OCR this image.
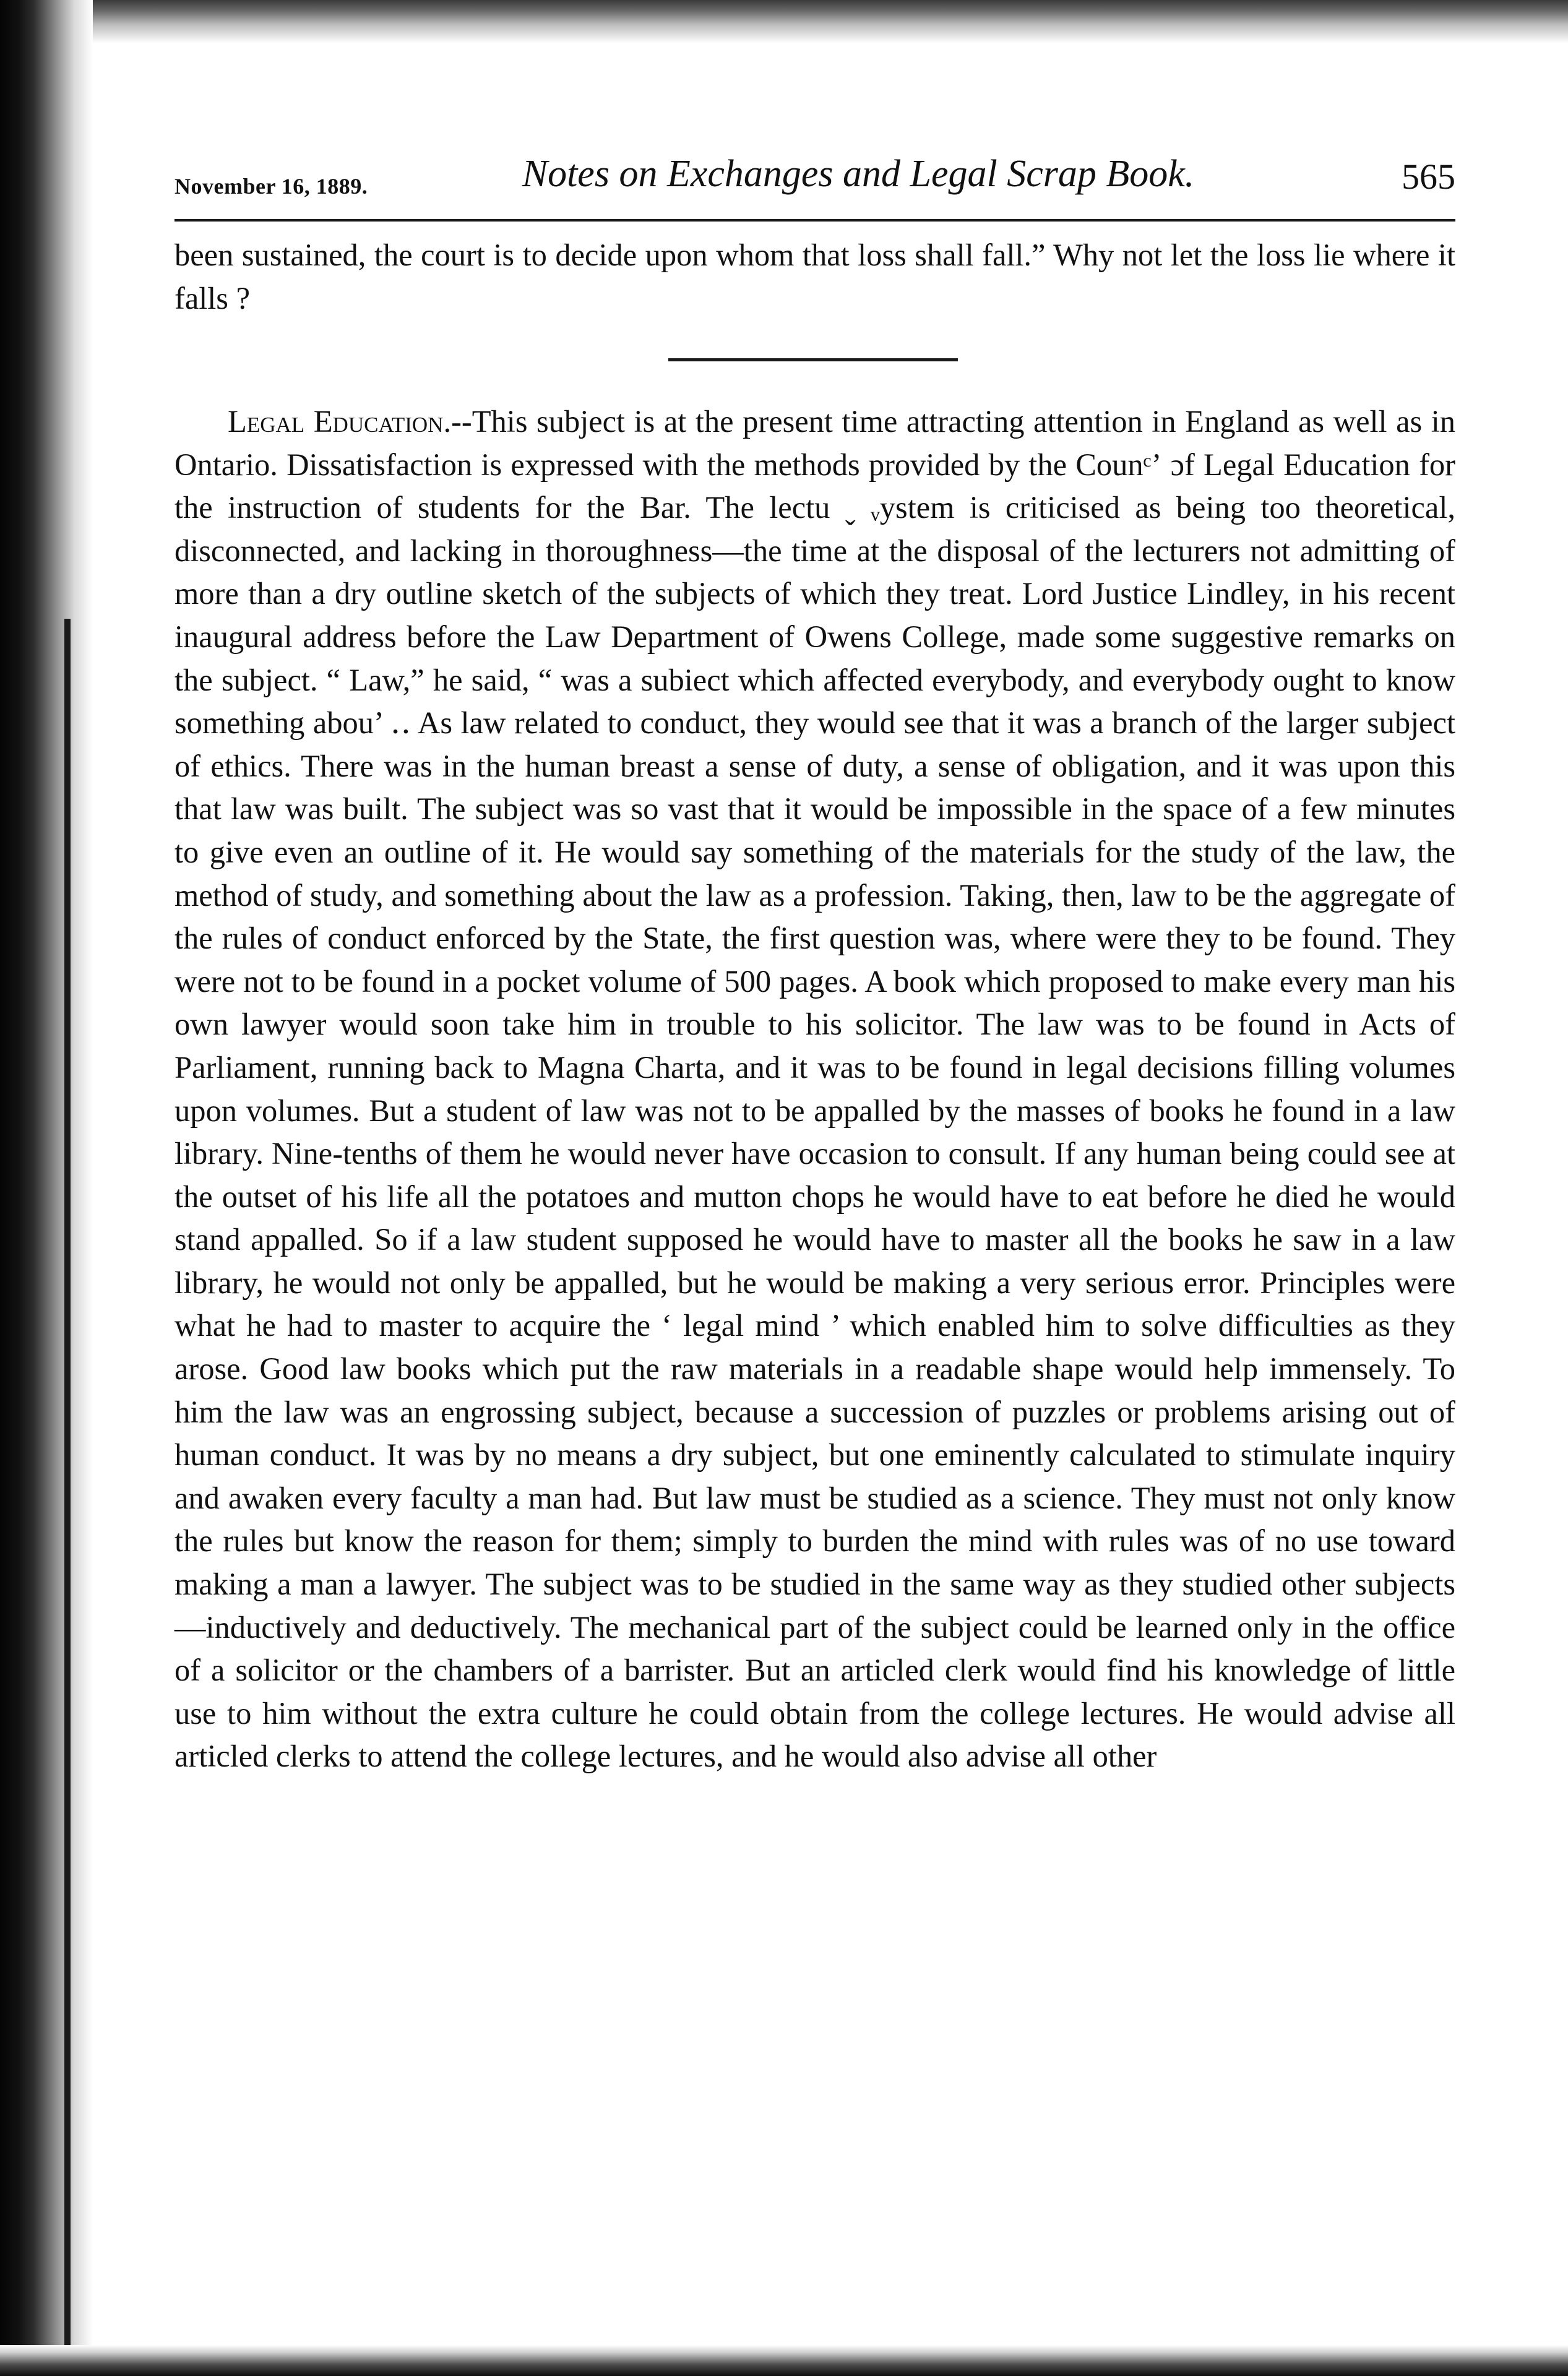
November 16, 1889.	Notes on Exchanges and Legal Scrap Book.	565

been sustained, the court is to decide upon whom that loss shall fall.” Why not let the loss lie where it falls ?

Legal Education.--This subject is at the present time attracting attention in England as well as in Ontario. Dissatisfaction is expressed with the methods provided by the Counᶜʼ ɔf Legal Education for the instruction of students for the Bar. The lectu ˬ ᵥystem is criticised as being too theoretical, disconnected, and lacking in thoroughness—the time at the disposal of the lecturers not admitting of more than a dry outline sketch of the subjects of which they treat. Lord Justice Lindley, in his recent inaugural address before the Law Department of Owens College, made some suggestive remarks on the subject. “ Law,” he said, “ was a subiect which affected everybody, and everybody ought to know something abou’ ‥ As law related to conduct, they would see that it was a branch of the larger subject of ethics. There was in the human breast a sense of duty, a sense of obligation, and it was upon this that law was built. The subject was so vast that it would be impossible in the space of a few minutes to give even an outline of it. He would say something of the materials for the study of the law, the method of study, and something about the law as a profession. Taking, then, law to be the aggregate of the rules of conduct enforced by the State, the first question was, where were they to be found. They were not to be found in a pocket volume of 500 pages. A book which proposed to make every man his own lawyer would soon take him in trouble to his solicitor. The law was to be found in Acts of Parliament, running back to Magna Charta, and it was to be found in legal decisions filling volumes upon volumes. But a student of law was not to be appalled by the masses of books he found in a law library. Nine-tenths of them he would never have occasion to consult. If any human being could see at the outset of his life all the potatoes and mutton chops he would have to eat before he died he would stand appalled. So if a law student supposed he would have to master all the books he saw in a law library, he would not only be appalled, but he would be making a very serious error. Principles were what he had to master to acquire the ‘ legal mind ’ which enabled him to solve difficulties as they arose. Good law books which put the raw materials in a readable shape would help immensely. To him the law was an engrossing subject, because a succession of puzzles or problems arising out of human conduct. It was by no means a dry subject, but one eminently calculated to stimulate inquiry and awaken every faculty a man had. But law must be studied as a science. They must not only know the rules but know the reason for them; simply to burden the mind with rules was of no use toward making a man a lawyer. The subject was to be studied in the same way as they studied other subjects—inductively and deductively. The mechanical part of the subject could be learned only in the office of a solicitor or the chambers of a barrister. But an articled clerk would find his knowledge of little use to him without the extra culture he could obtain from the college lectures. He would advise all articled clerks to attend the college lectures, and he would also advise all other
